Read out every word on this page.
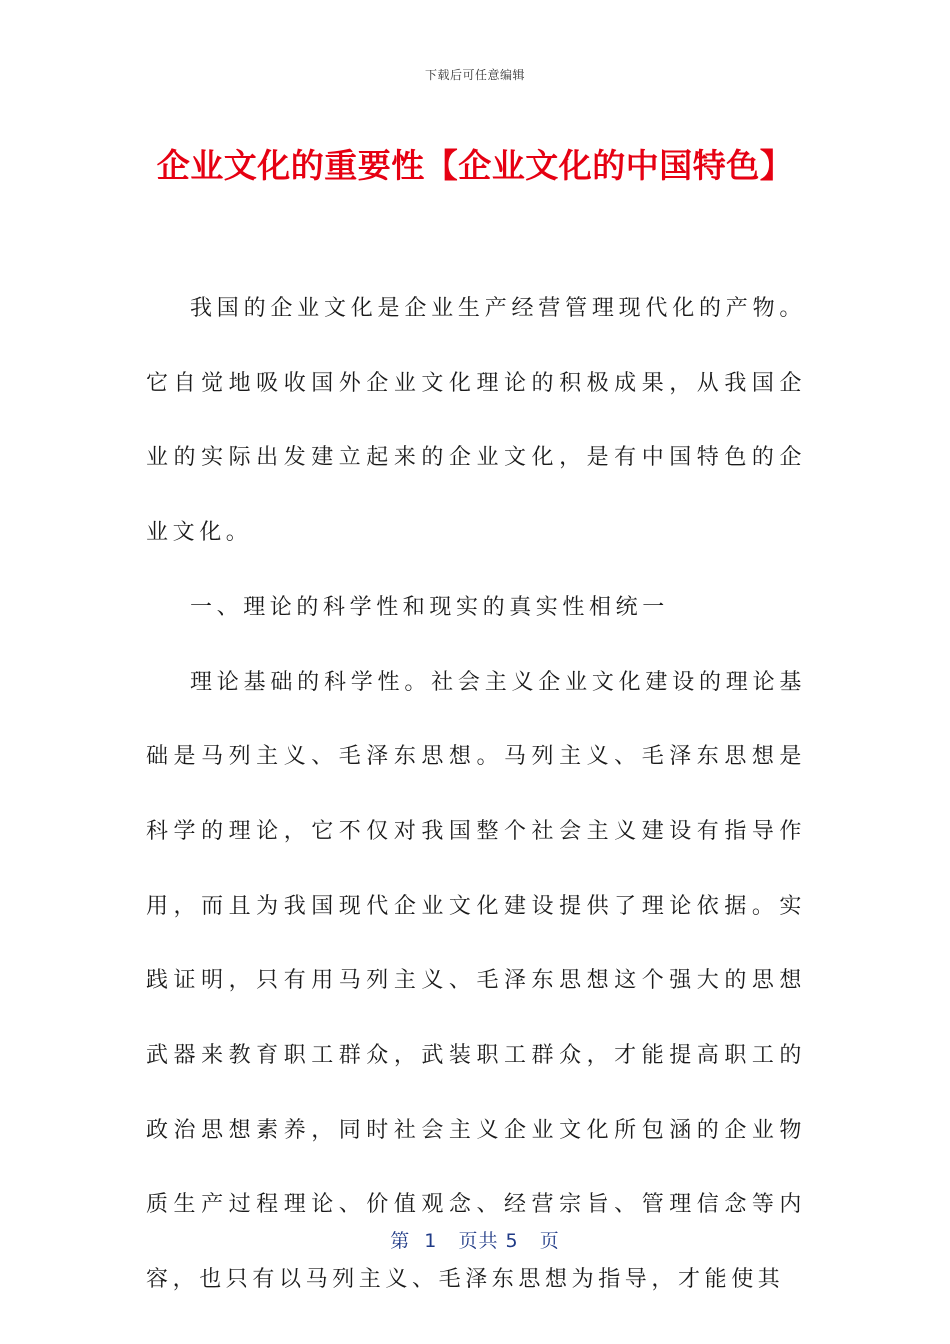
下载后可任意编辑
企业文化的重要性【企业文化的中国特色】

我国的企业文化是企业生产经营管理现代化的产物。它自觉地吸收国外企业文化理论的积极成果，从我国企业的实际出发建立起来的企业文化，是有中国特色的企业文化。

一、理论的科学性和现实的真实性相统一

理论基础的科学性。社会主义企业文化建设的理论基础是马列主义、毛泽东思想。马列主义、毛泽东思想是科学的理论，它不仅对我国整个社会主义建设有指导作用，而且为我国现代企业文化建设提供了理论依据。实践证明，只有用马列主义、毛泽东思想这个强大的思想武器来教育职工群众，武装职工群众，才能提高职工的政治思想素养，同时社会主义企业文化所包涵的企业物质生产过程理论、价值观念、经营宗旨、管理信念等内容，也只有以马列主义、毛泽东思想为指导，才能使其

第  1   页共 5   页
